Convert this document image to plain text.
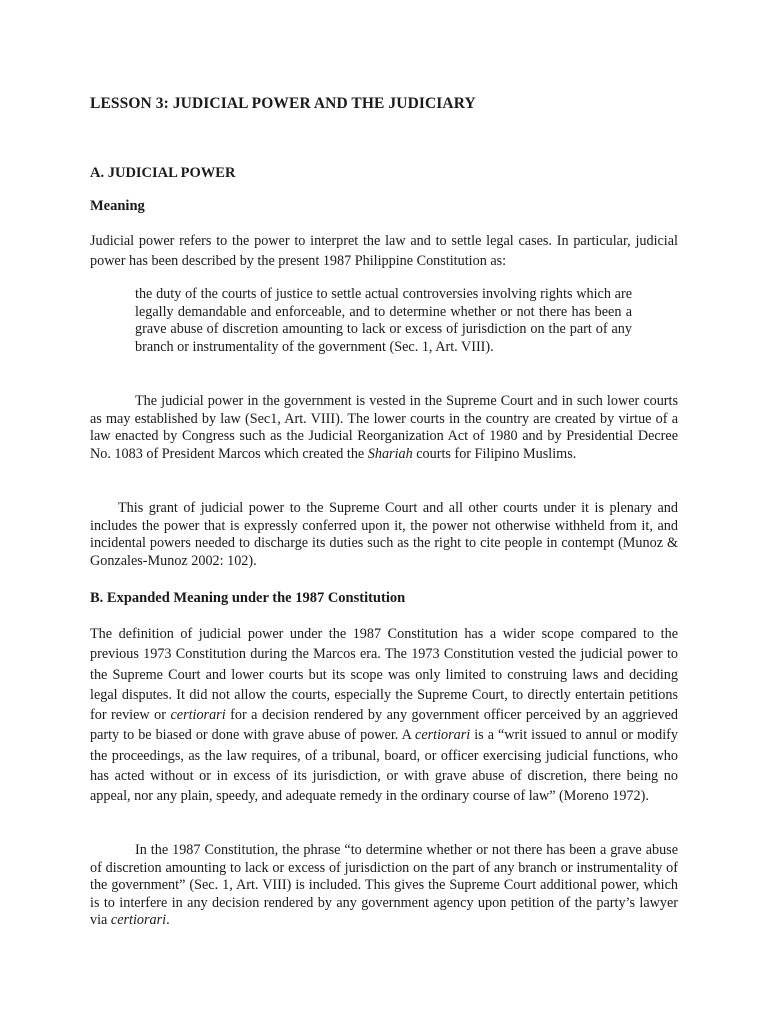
LESSON 3: JUDICIAL POWER AND THE JUDICIARY
A. JUDICIAL POWER
Meaning

Judicial power refers to the power to interpret the law and to settle legal cases. In particular, judicial power has been described by the present 1987 Philippine Constitution as:

the duty of the courts of justice to settle actual controversies involving rights which are legally demandable and enforceable, and to determine whether or not there has been a grave abuse of discretion amounting to lack or excess of jurisdiction on the part of any branch or instrumentality of the government (Sec. 1, Art. VIII).

The judicial power in the government is vested in the Supreme Court and in such lower courts as may established by law (Sec1, Art. VIII). The lower courts in the country are created by virtue of a law enacted by Congress such as the Judicial Reorganization Act of 1980 and by Presidential Decree No. 1083 of President Marcos which created the Shariah courts for Filipino Muslims.

This grant of judicial power to the Supreme Court and all other courts under it is plenary and includes the power that is expressly conferred upon it, the power not otherwise withheld from it, and incidental powers needed to discharge its duties such as the right to cite people in contempt (Munoz & Gonzales-Munoz 2002: 102).

B. Expanded Meaning under the 1987 Constitution

The definition of judicial power under the 1987 Constitution has a wider scope compared to the previous 1973 Constitution during the Marcos era. The 1973 Constitution vested the judicial power to the Supreme Court and lower courts but its scope was only limited to construing laws and deciding legal disputes. It did not allow the courts, especially the Supreme Court, to directly entertain petitions for review or certiorari for a decision rendered by any government officer perceived by an aggrieved party to be biased or done with grave abuse of power. A certiorari is a “writ issued to annul or modify the proceedings, as the law requires, of a tribunal, board, or officer exercising judicial functions, who has acted without or in excess of its jurisdiction, or with grave abuse of discretion, there being no appeal, nor any plain, speedy, and adequate remedy in the ordinary course of law” (Moreno 1972).

In the 1987 Constitution, the phrase “to determine whether or not there has been a grave abuse of discretion amounting to lack or excess of jurisdiction on the part of any branch or instrumentality of the government” (Sec. 1, Art. VIII) is included. This gives the Supreme Court additional power, which is to interfere in any decision rendered by any government agency upon petition of the party’s lawyer via certiorari.
